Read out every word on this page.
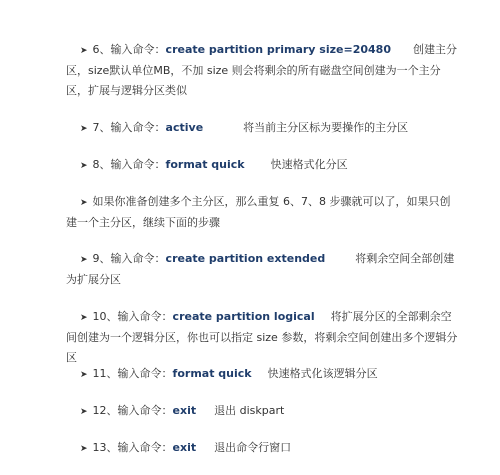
➤ 6、输入命令：create partition primary size=20480 创建主分区，size默认单位MB，不加 size 则会将剩余的所有磁盘空间创建为一个主分区，扩展与逻辑分区类似
➤ 7、输入命令：active	将当前主分区标为要操作的主分区
➤ 8、输入命令：format quick 快速格式化分区
➤ 如果你准备创建多个主分区，那么重复 6、7、8 步骤就可以了，如果只创建一个主分区，继续下面的步骤
➤ 9、输入命令：create partition extended	将剩余空间全部创建为扩展分区
➤ 10、输入命令：create partition logical 将扩展分区的全部剩余空间创建为一个逻辑分区，你也可以指定 size 参数，将剩余空间创建出多个逻辑分区
➤ 11、输入命令：format quick 快速格式化该逻辑分区
➤ 12、输入命令：exit 退出 diskpart
➤ 13、输入命令：exit 退出命令行窗口
